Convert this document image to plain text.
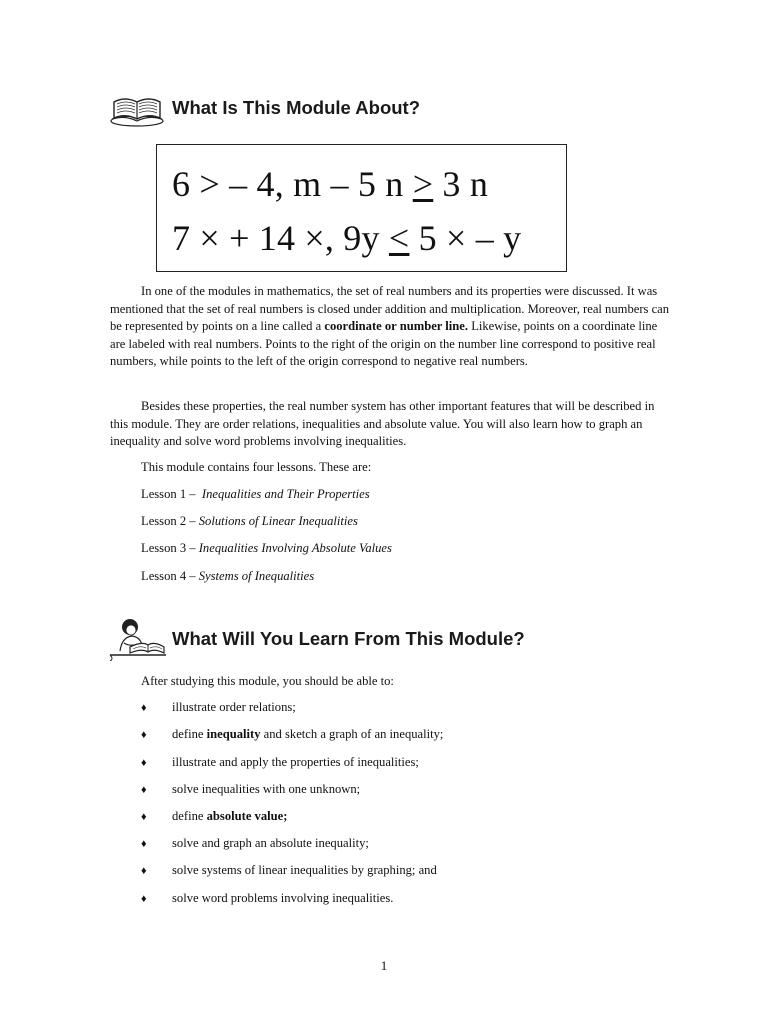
What Is This Module About?
6 > – 4, m – 5 n ≥ 3 n
7 × + 14 ×, 9y ≤ 5 × – y

In one of the modules in mathematics, the set of real numbers and its properties were discussed. It was mentioned that the set of real numbers is closed under addition and multiplication. Moreover, real numbers can be represented by points on a line called a coordinate or number line. Likewise, points on a coordinate line are labeled with real numbers. Points to the right of the origin on the number line correspond to positive real numbers, while points to the left of the origin correspond to negative real numbers.

Besides these properties, the real number system has other important features that will be described in this module. They are order relations, inequalities and absolute value. You will also learn how to graph an inequality and solve word problems involving inequalities.

This module contains four lessons. These are:

Lesson 1 – Inequalities and Their Properties
Lesson 2 – Solutions of Linear Inequalities
Lesson 3 – Inequalities Involving Absolute Values
Lesson 4 – Systems of Inequalities
What Will You Learn From This Module?

After studying this module, you should be able to:

♦ illustrate order relations;
♦ define inequality and sketch a graph of an inequality;
♦ illustrate and apply the properties of inequalities;
♦ solve inequalities with one unknown;
♦ define absolute value;
♦ solve and graph an absolute inequality;
♦ solve systems of linear inequalities by graphing; and
♦ solve word problems involving inequalities.
1
